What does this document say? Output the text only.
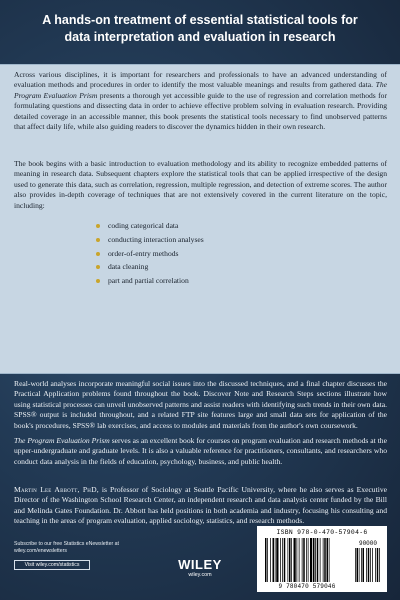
A hands-on treatment of essential statistical tools for
data interpretation and evaluation in research
Across various disciplines, it is important for researchers and professionals to have an advanced understanding of evaluation methods and procedures in order to identify the most valuable meanings and results from gathered data. The Program Evaluation Prism presents a thorough yet accessible guide to the use of regression and correlation methods for formulating questions and dissecting data in order to achieve effective problem solving in evaluation research. Providing detailed coverage in an accessible manner, this book presents the statistical tools necessary to find unobserved patterns that affect daily life, while also guiding readers to discover the dynamics hidden in their own research.
The book begins with a basic introduction to evaluation methodology and its ability to recognize embedded patterns of meaning in research data. Subsequent chapters explore the statistical tools that can be applied irrespective of the design used to generate this data, such as correlation, regression, multiple regression, and detection of extreme scores. The author also provides in-depth coverage of techniques that are not extensively covered in the current literature on the topic, including:
coding categorical data
conducting interaction analyses
order-of-entry methods
data cleaning
part and partial correlation
Real-world analyses incorporate meaningful social issues into the discussed techniques, and a final chapter discusses the Practical Application problems found throughout the book. Discover Note and Research Steps sections illustrate how using statistical processes can unveil unobserved patterns and assist readers with identifying such trends in their own data. SPSS® output is included throughout, and a related FTP site features large and small data sets for application of the book's procedures, SPSS® lab exercises, and access to modules and materials from the author's own coursework.
The Program Evaluation Prism serves as an excellent book for courses on program evaluation and research methods at the upper-undergraduate and graduate levels. It is also a valuable reference for practitioners, consultants, and researchers who conduct data analysis in the fields of education, psychology, business, and public health.
Martin Lee Abbott, PhD, is Professor of Sociology at Seattle Pacific University, where he also serves as Executive Director of the Washington School Research Center, an independent research and data analysis center funded by the Bill and Melinda Gates Foundation. Dr. Abbott has held positions in both academia and industry, focusing his consulting and teaching in the areas of program evaluation, applied sociology, statistics, and research methods.
Subscribe to our free Statistics eNewsletter at
wiley.com/enewsletters
Visit wiley.com/statistics	WILEY
wiley.com
ISBN 978-0-470-57904-6
90000
9 780470 579046
